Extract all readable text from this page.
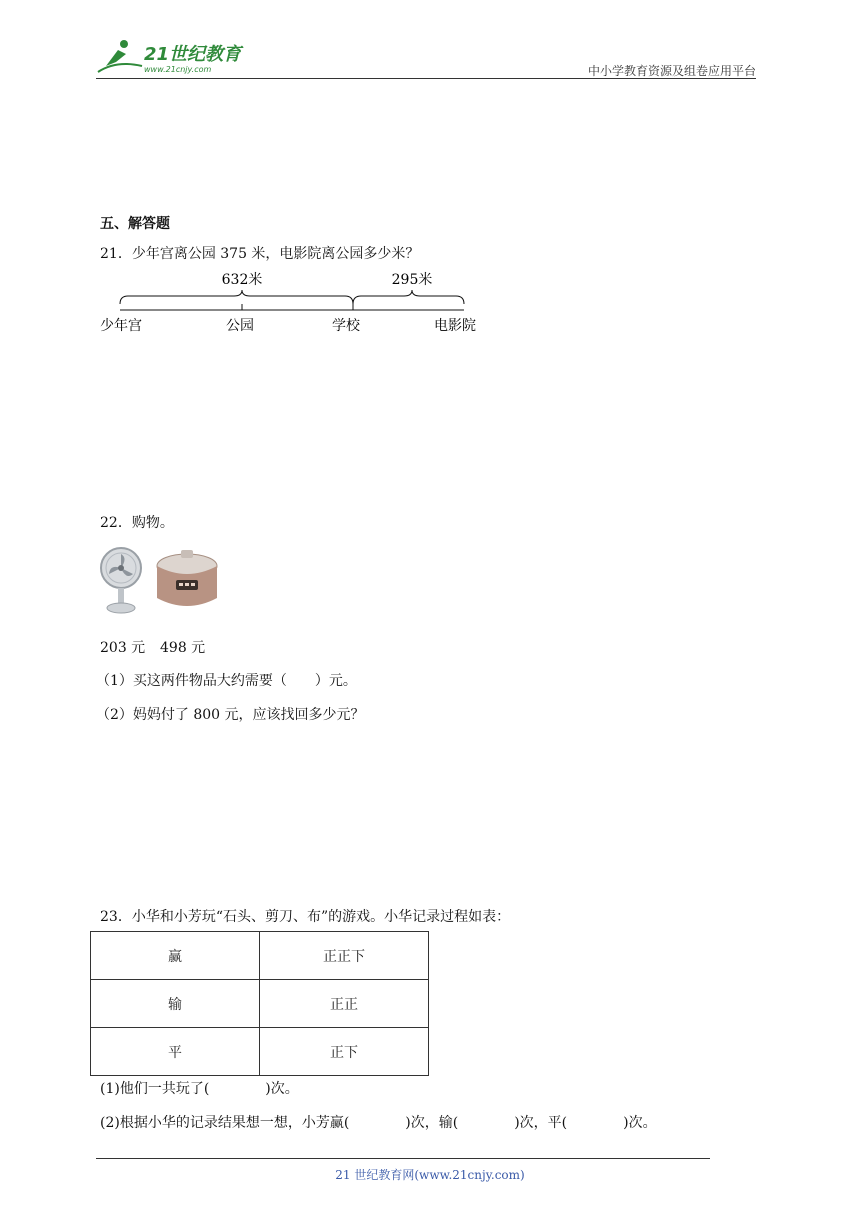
21世纪教育
www.21cnjy.com	中小学教育资源及组卷应用平台
五、解答题
21．少年宫离公园 375 米，电影院离公园多少米？
632米	295米
少年宫	公园	学校	电影院
22．购物。
203 元 498 元
（1）买这两件物品大约需要（　　）元。
（2）妈妈付了 800 元，应该找回多少元？
23．小华和小芳玩“石头、剪刀、布”的游戏。小华记录过程如表：
赢	正正下
输	正正
平	正下
(1)他们一共玩了(　　　　)次。
(2)根据小华的记录结果想一想，小芳赢(　　　　)次，输(　　　　)次，平(　　　　)次。
21 世纪教育网(www.21cnjy.com)
